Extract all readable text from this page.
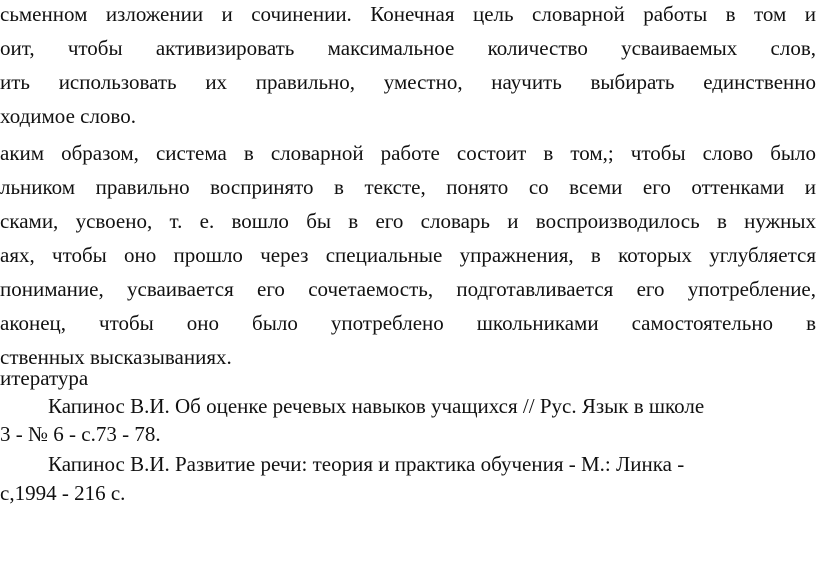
сьменном изложении и сочинении. Конечная цель словарной работы в том и
оит, чтобы активизировать максимальное количество усваиваемых слов,
ить использовать их правильно, уместно, научить выбирать единственно
ходимое слово.
аким образом, система в словарной работе состоит в том,; чтобы слово было
льником правильно воспринято в тексте, понято со всеми его оттенками и
сками, усвоено, т. е. вошло бы в его словарь и воспроизводилось в нужных
аях, чтобы оно прошло через специальные упражнения, в которых углубляется
понимание, усваивается его сочетаемость, подготавливается его употребление,
аконец, чтобы оно было употреблено школьниками самостоятельно в
ственных высказываниях.
итература
Капинос В.И. Об оценке речевых навыков учащихся // Рус. Язык в школе
3 - № 6 - с.73 - 78.
Капинос В.И. Развитие речи: теория и практика обучения - М.: Линка -
с,1994 - 216 с.
